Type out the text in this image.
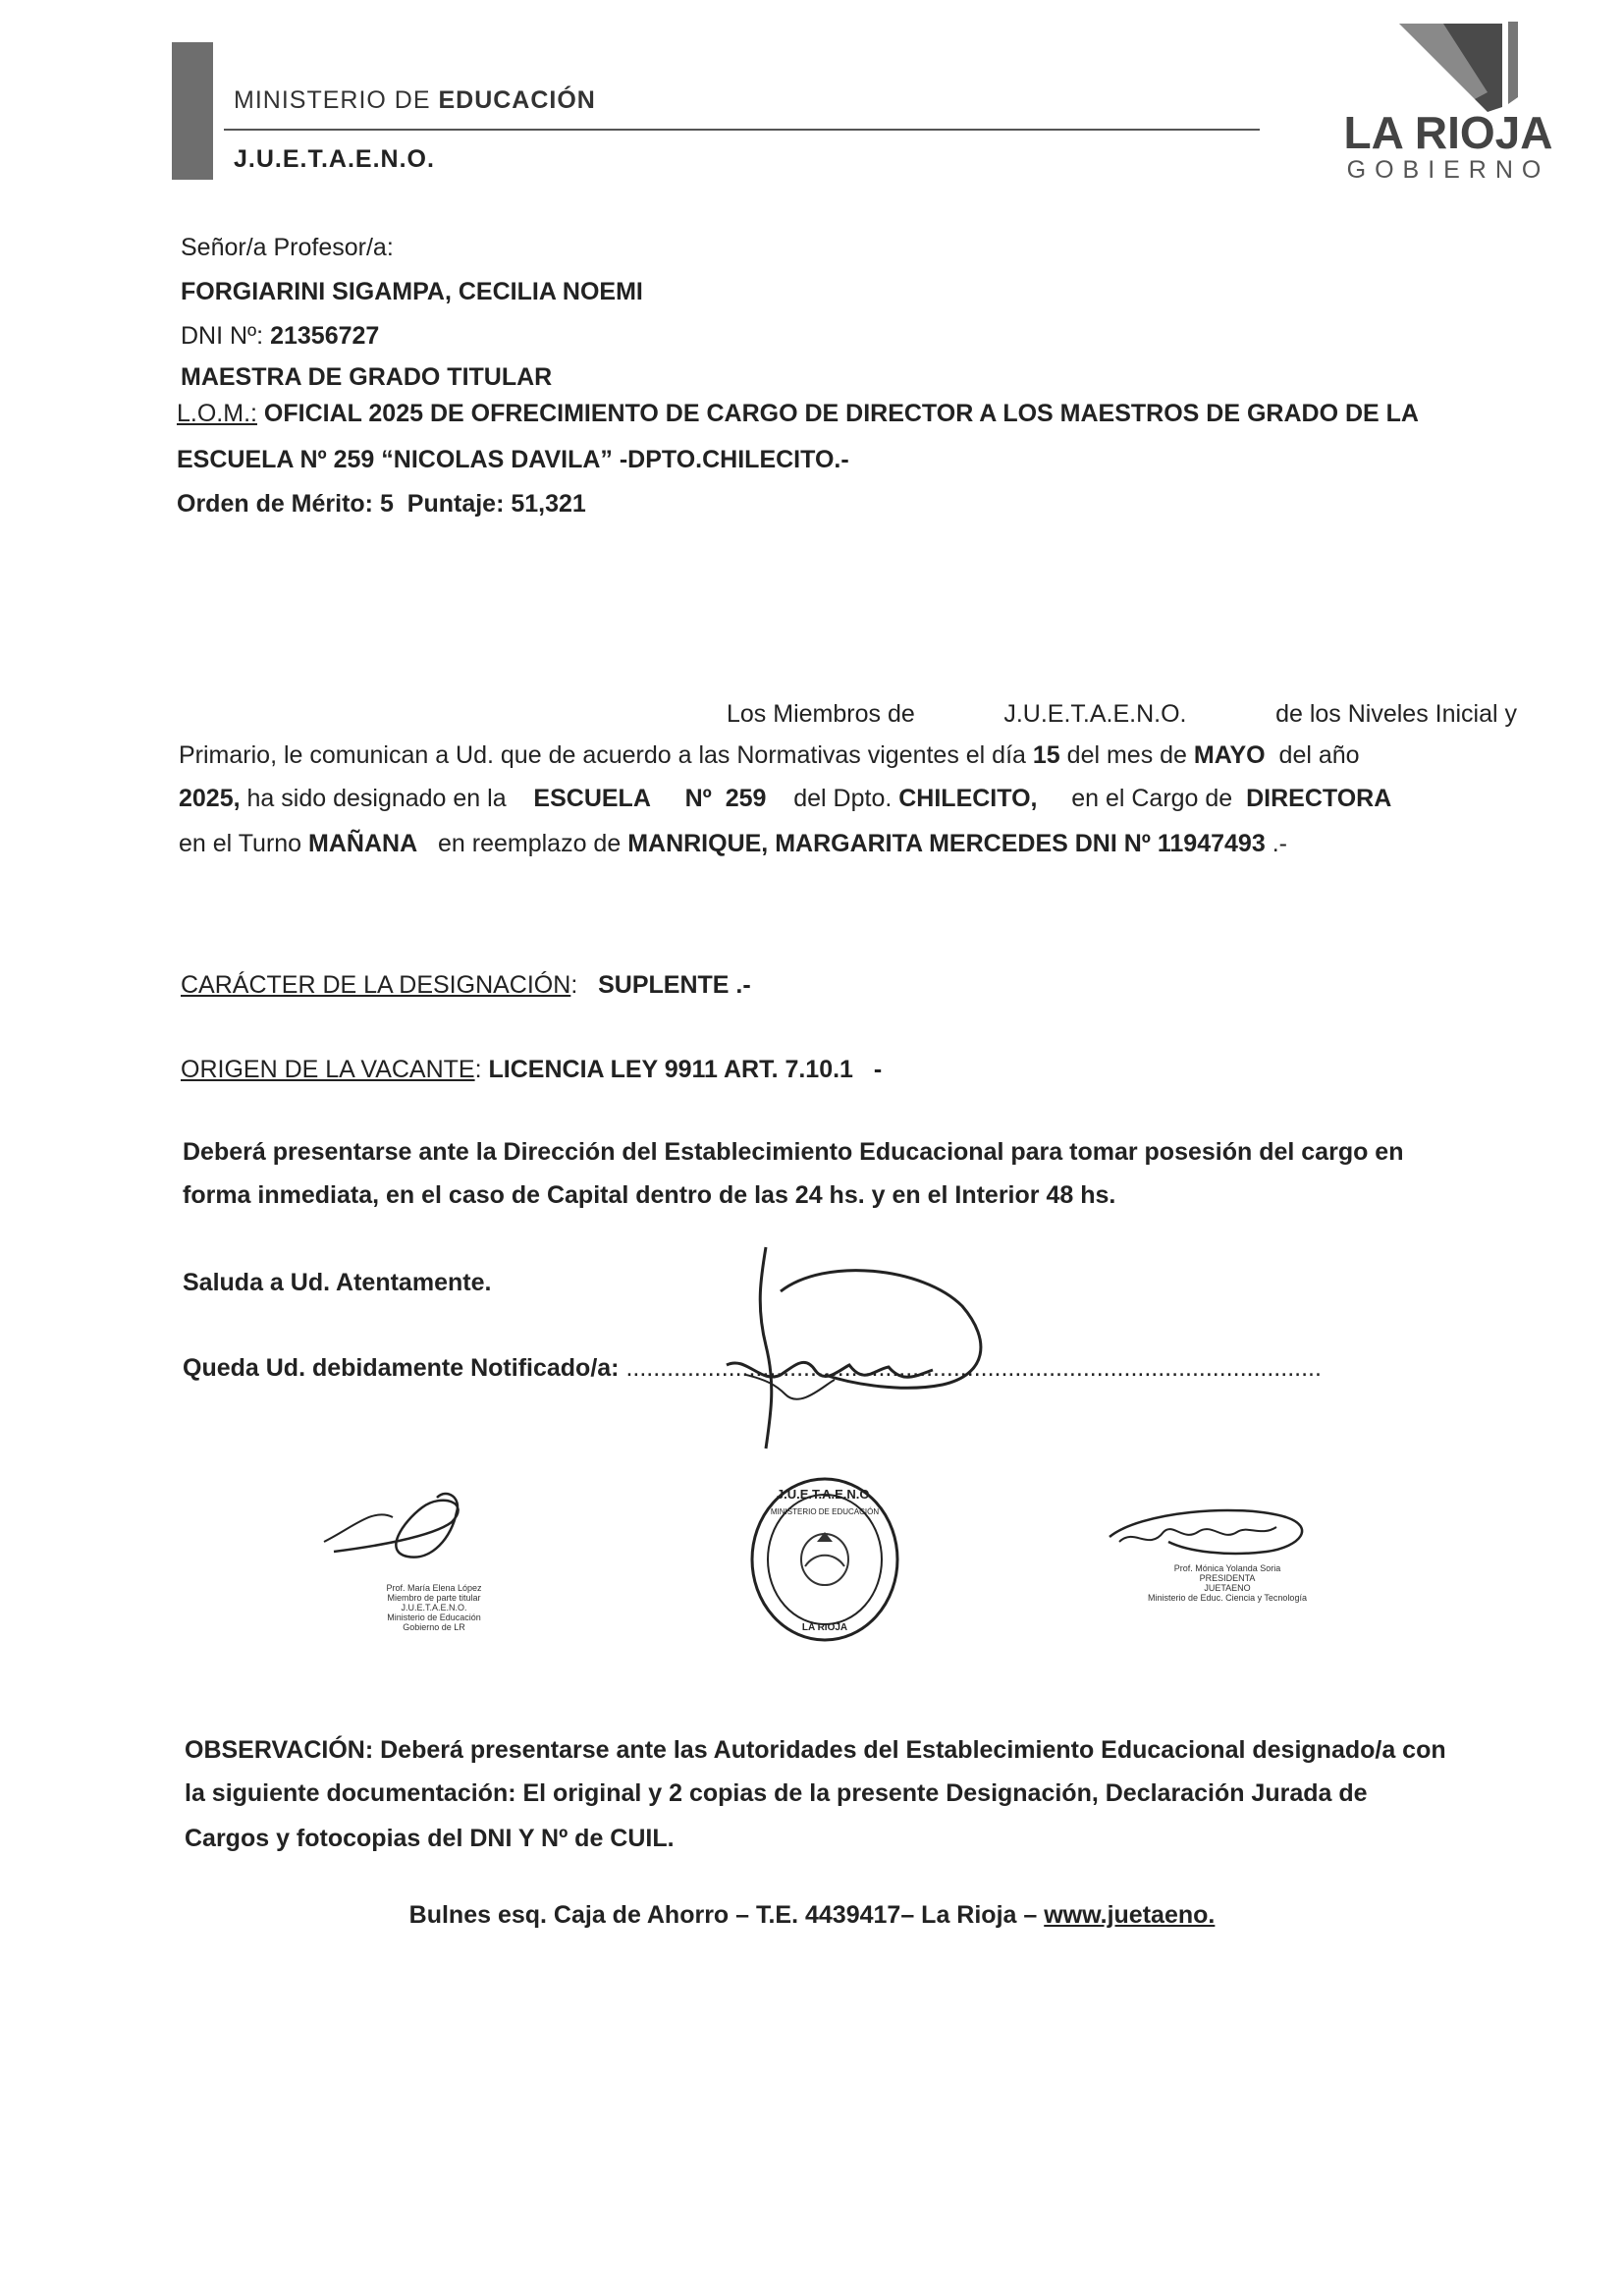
MINISTERIO DE EDUCACIÓN
J.U.E.T.A.E.N.O.
LA RIOJA
GOBIERNO
Señor/a Profesor/a:
FORGIARINI SIGAMPA, CECILIA NOEMI
DNI Nº: 21356727
MAESTRA DE GRADO TITULAR
L.O.M.: OFICIAL 2025 DE OFRECIMIENTO DE CARGO DE DIRECTOR A LOS MAESTROS DE GRADO DE LA
ESCUELA Nº 259 “NICOLAS DAVILA” -DPTO.CHILECITO.-
Orden de Mérito: 5 Puntaje: 51,321
Los Miembros de	J.U.E.T.A.E.N.O.	de los Niveles Inicial y
Primario, le comunican a Ud. que de acuerdo a las Normativas vigentes el día 15 del mes de MAYO del año
2025, ha sido designado en la ESCUELA Nº 259 del Dpto. CHILECITO, en el Cargo de DIRECTORA
en el Turno MAÑANA en reemplazo de MANRIQUE, MARGARITA MERCEDES DNI Nº 11947493 .-
CARÁCTER DE LA DESIGNACIÓN:   SUPLENTE .-
ORIGEN DE LA VACANTE: LICENCIA LEY 9911 ART. 7.10.1 -
Deberá presentarse ante la Dirección del Establecimiento Educacional para tomar posesión del cargo en
forma inmediata, en el caso de Capital dentro de las 24 hs. y en el Interior 48 hs.
Saluda a Ud. Atentamente.
Queda Ud. debidamente Notificado/a: ......................................................................................................
Prof. María Elena López
Miembro de parte titular
J.U.E.T.A.E.N.O.
Ministerio de Educación
Gobierno de LR
J.U.E.T.A.E.N.O.
MINISTERIO DE EDUCACIÓN
LA RIOJA
Prof. Mónica Yolanda Soria
PRESIDENTA
JUETAENO
Ministerio de Educ. Ciencia y Tecnología
OBSERVACIÓN: Deberá presentarse ante las Autoridades del Establecimiento Educacional designado/a con
la siguiente documentación: El original y 2 copias de la presente Designación, Declaración Jurada de
Cargos y fotocopias del DNI Y Nº de CUIL.
Bulnes esq. Caja de Ahorro – T.E. 4439417– La Rioja – www.juetaeno.
